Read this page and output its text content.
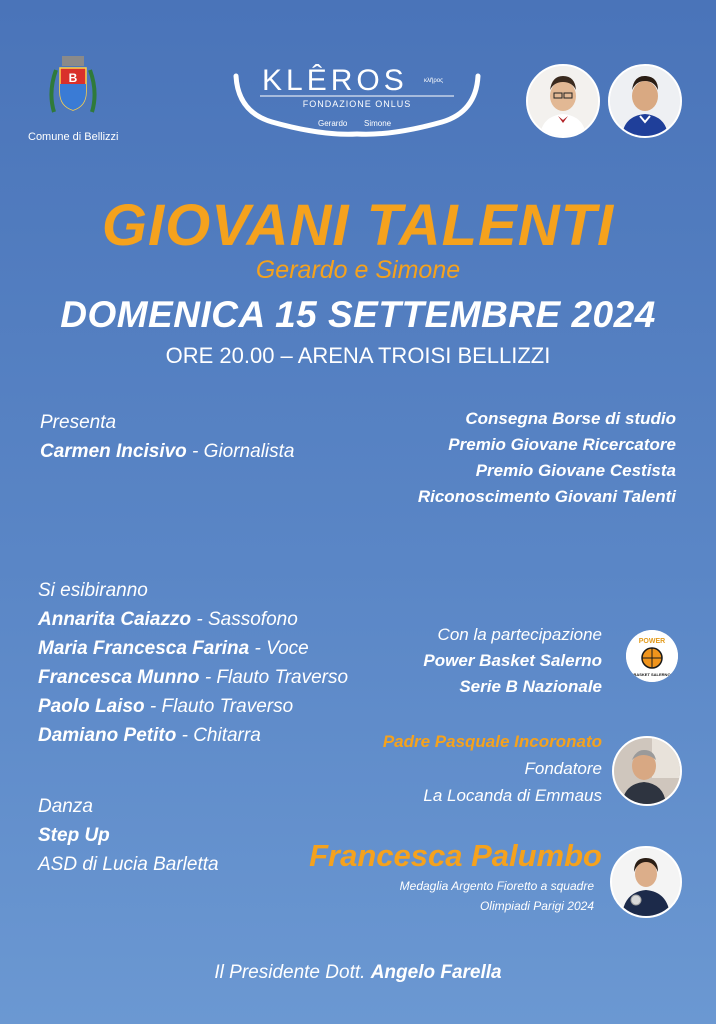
B
Comune di Bellizzi
KLÊROS	κλῆρος
FONDAZIONE ONLUS
Gerardo Simone
GIOVANI TALENTI
Gerardo e Simone
DOMENICA 15 SETTEMBRE 2024
ORE 20.00 – ARENA TROISI BELLIZZI
Presenta
Carmen Incisivo - Giornalista
Consegna Borse di studio
Premio Giovane Ricercatore
Premio Giovane Cestista
Riconoscimento Giovani Talenti
Si esibiranno
Annarita Caiazzo - Sassofono
Maria Francesca Farina - Voce
Francesca Munno - Flauto Traverso
Paolo Laiso - Flauto Traverso
Damiano Petito - Chitarra
Danza
Step Up
ASD di Lucia Barletta
Con la partecipazione
Power Basket Salerno
Serie B Nazionale
POWER
BASKET SALERNO
Padre Pasquale Incoronato
Fondatore
La Locanda di Emmaus
Francesca Palumbo
Medaglia Argento Fioretto a squadre
Olimpiadi Parigi 2024
Il Presidente Dott. Angelo Farella
